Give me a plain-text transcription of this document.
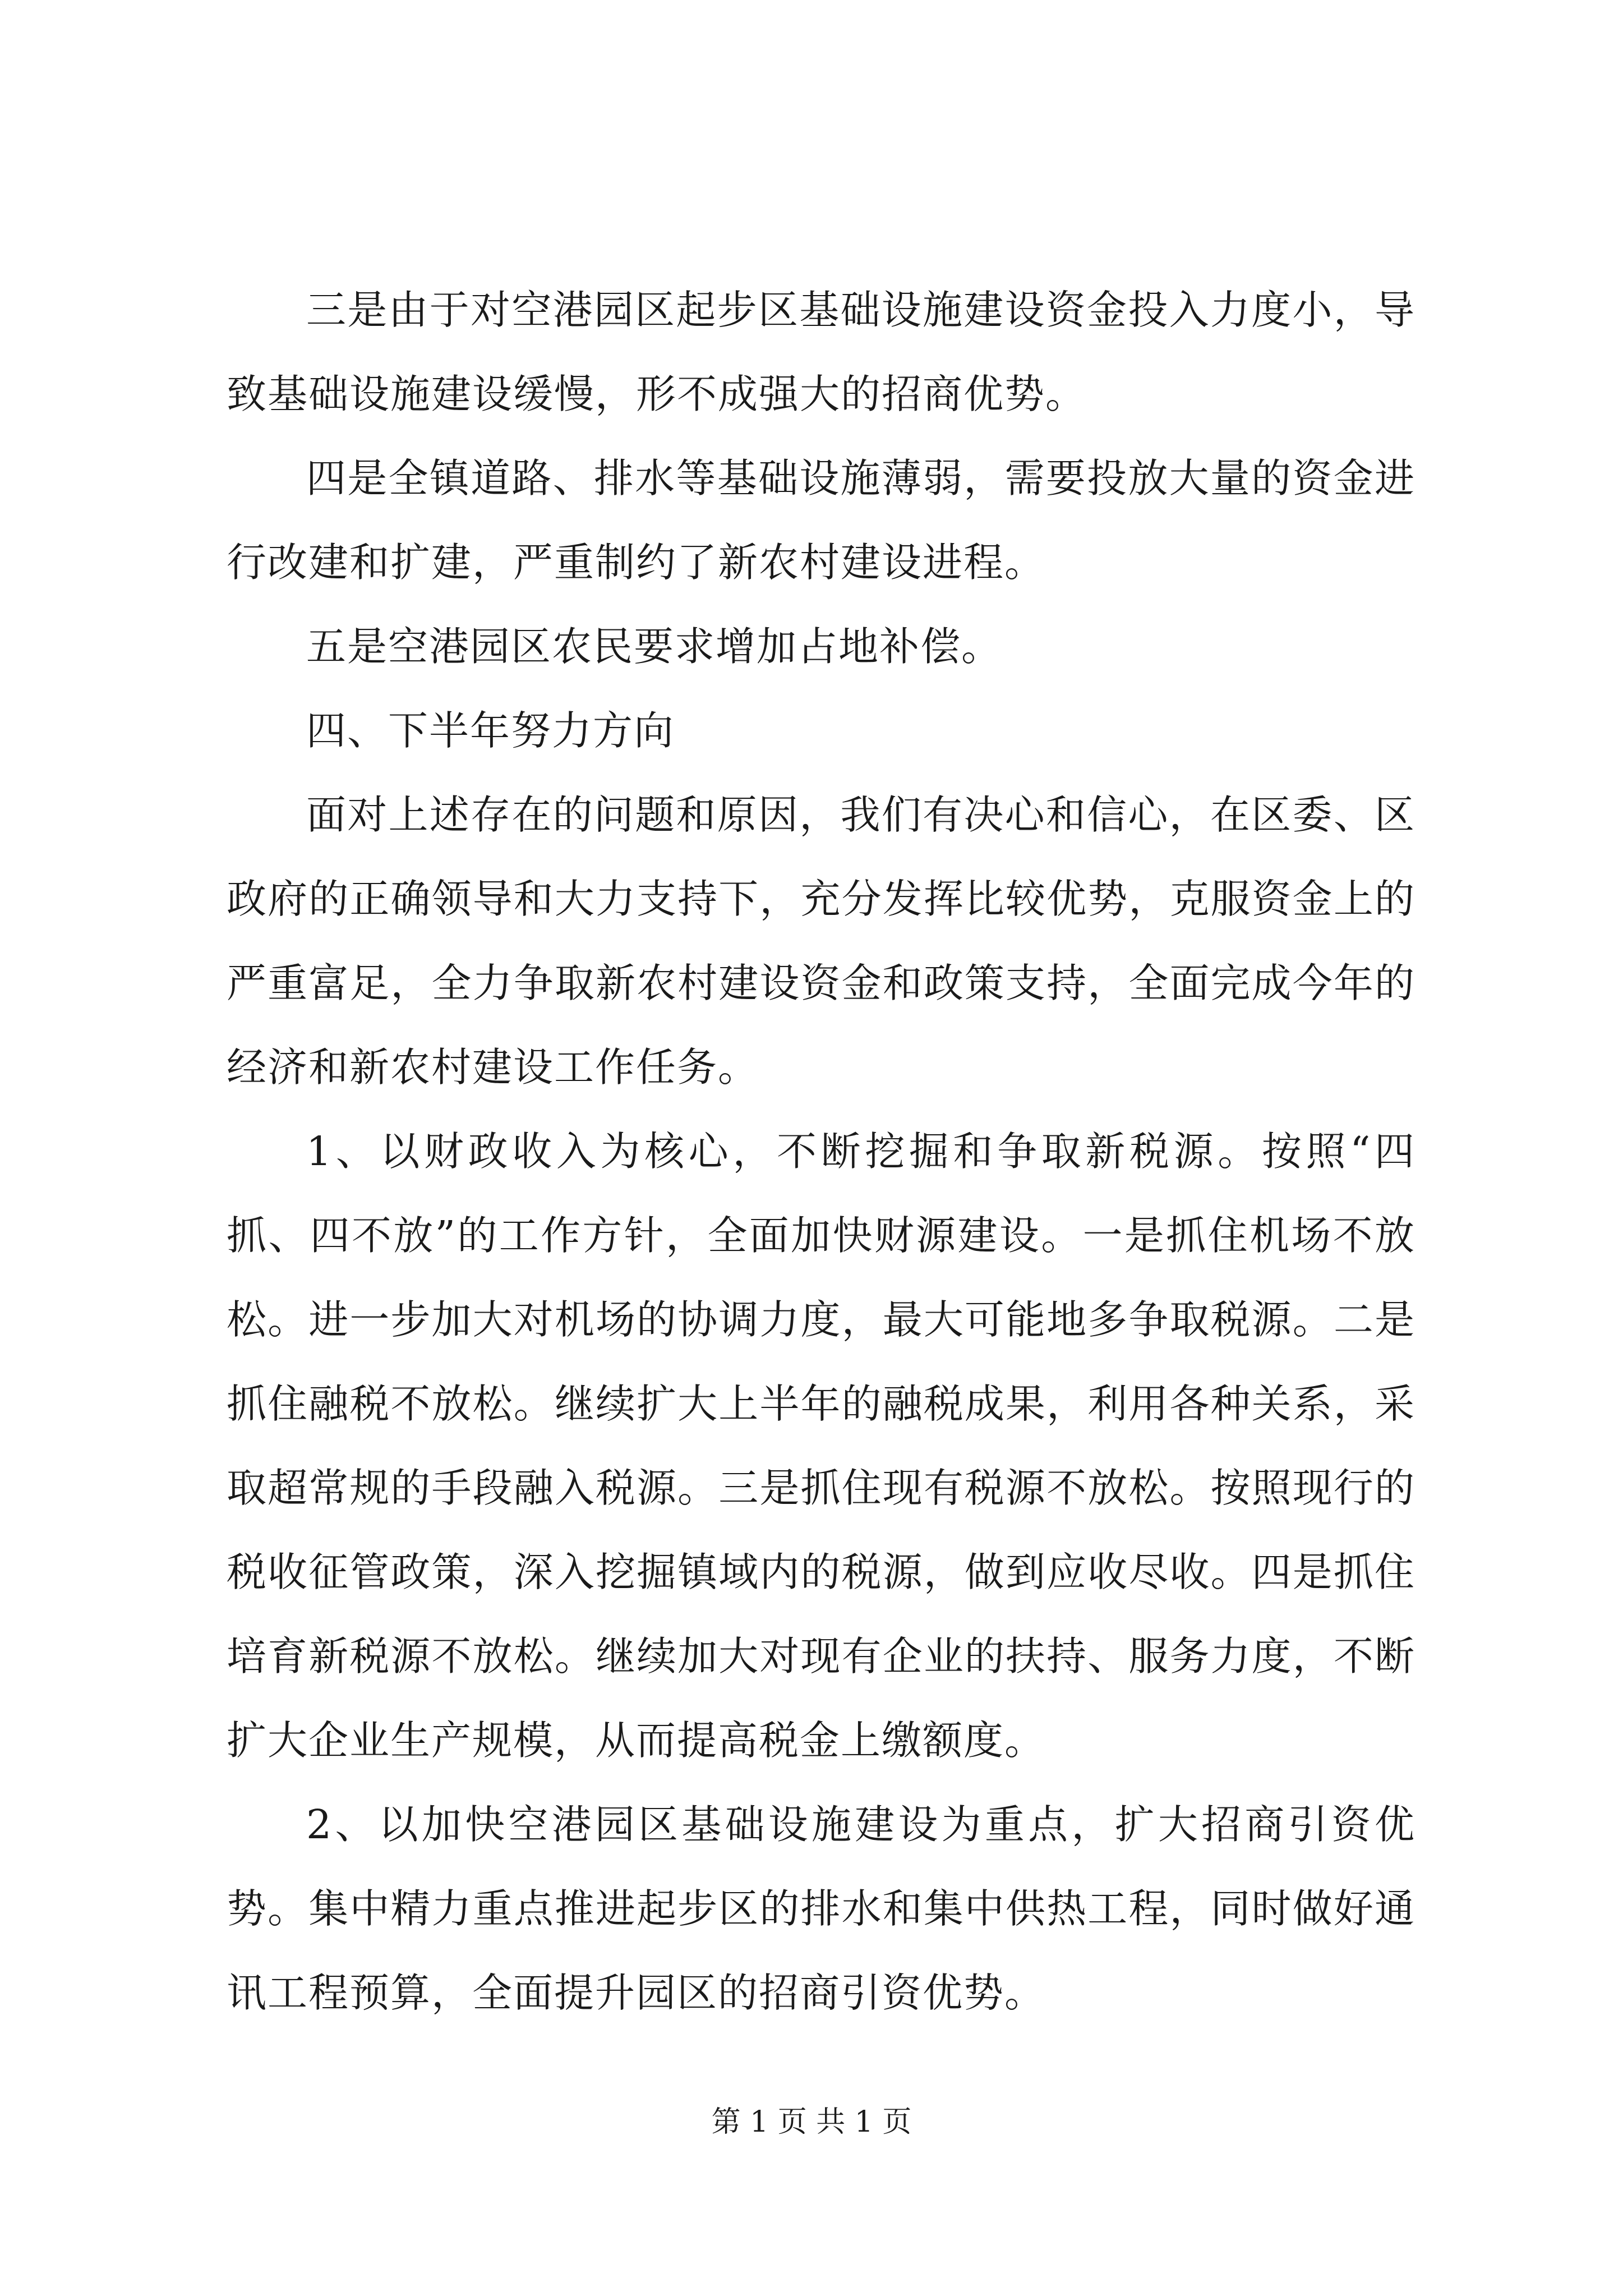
三是由于对空港园区起步区基础设施建设资金投入力度小，导致基础设施建设缓慢，形不成强大的招商优势。

四是全镇道路、排水等基础设施薄弱，需要投放大量的资金进行改建和扩建，严重制约了新农村建设进程。

五是空港园区农民要求增加占地补偿。

四、下半年努力方向

面对上述存在的问题和原因，我们有决心和信心，在区委、区政府的正确领导和大力支持下，充分发挥比较优势，克服资金上的严重富足，全力争取新农村建设资金和政策支持，全面完成今年的经济和新农村建设工作任务。

1、以财政收入为核心，不断挖掘和争取新税源。按照“四抓、四不放”的工作方针，全面加快财源建设。一是抓住机场不放松。进一步加大对机场的协调力度，最大可能地多争取税源。二是抓住融税不放松。继续扩大上半年的融税成果，利用各种关系，采取超常规的手段融入税源。三是抓住现有税源不放松。按照现行的税收征管政策，深入挖掘镇域内的税源，做到应收尽收。四是抓住培育新税源不放松。继续加大对现有企业的扶持、服务力度，不断扩大企业生产规模，从而提高税金上缴额度。

2、以加快空港园区基础设施建设为重点，扩大招商引资优势。集中精力重点推进起步区的排水和集中供热工程，同时做好通讯工程预算，全面提升园区的招商引资优势。

第 1 页 共 1 页
